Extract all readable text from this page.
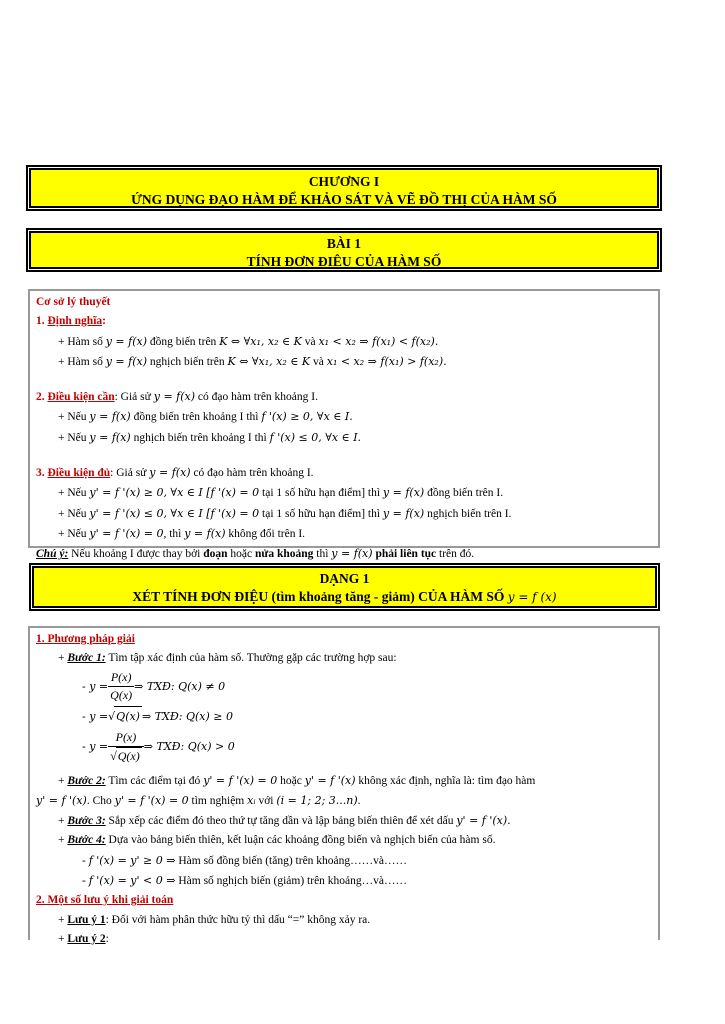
CHƯƠNG I
ỨNG DỤNG ĐẠO HÀM ĐỂ KHẢO SÁT VÀ VẼ ĐỒ THỊ CỦA HÀM SỐ
BÀI 1
TÍNH ĐƠN ĐIỆU CỦA HÀM SỐ
Cơ sở lý thuyết
1. Định nghĩa:
+ Hàm số y = f(x) đồng biến trên K ⇔ ∀x₁, x₂ ∈ K và x₁ < x₂ ⇒ f(x₁) < f(x₂).
+ Hàm số y = f(x) nghịch biến trên K ⇔ ∀x₁, x₂ ∈ K và x₁ < x₂ ⇒ f(x₁) > f(x₂).
2. Điều kiện cần: Giả sử y = f(x) có đạo hàm trên khoảng I.
+ Nếu y = f(x) đồng biến trên khoảng I thì f '(x) ≥ 0, ∀x ∈ I.
+ Nếu y = f(x) nghịch biến trên khoảng I thì f '(x) ≤ 0, ∀x ∈ I.
3. Điều kiện đủ: Giả sử y = f(x) có đạo hàm trên khoảng I.
+ Nếu y' = f '(x) ≥ 0, ∀x ∈ I [f '(x) = 0 tại 1 số hữu hạn điểm] thì y = f(x) đồng biến trên I.
+ Nếu y' = f '(x) ≤ 0, ∀x ∈ I [f '(x) = 0 tại 1 số hữu hạn điểm] thì y = f(x) nghịch biến trên I.
+ Nếu y' = f '(x) = 0, thì y = f(x) không đổi trên I.
Chú ý: Nếu khoảng I được thay bởi đoạn hoặc nửa khoảng thì y = f(x) phải liên tục trên đó.
DẠNG 1
XÉT TÍNH ĐƠN ĐIỆU (tìm khoảng tăng - giảm) CỦA HÀM SỐ y = f (x)
1. Phương pháp giải
+ Bước 1: Tìm tập xác định của hàm số. Thường gặp các trường hợp sau:
- $y = \frac{P(x)}{Q(x)}$ ⇒ TXĐ: Q(x) ≠ 0
- y = √ Q(x) ⇒ TXĐ: Q(x) ≥ 0
- $y = \frac{P(x)}{√Q(x)}$ ⇒ TXĐ: Q(x) > 0
+ Bước 2: Tìm các điểm tại đó y' = f '(x) = 0 hoặc y' = f '(x) không xác định, nghĩa là: tìm đạo hàm
y' = f '(x). Cho y' = f '(x) = 0 tìm nghiệm xᵢ với (i = 1; 2; 3...n).
+ Bước 3: Sắp xếp các điểm đó theo thứ tự tăng dần và lập bảng biến thiên để xét dấu y' = f '(x).
+ Bước 4: Dựa vào bảng biến thiên, kết luận các khoảng đồng biến và nghịch biến của hàm số.
- f '(x) = y' ≥ 0 ⇒ Hàm số đồng biến (tăng) trên khoảng……và……
- f '(x) = y' < 0 ⇒ Hàm số nghịch biến (giảm) trên khoảng…và……
2. Một số lưu ý khi giải toán
+ Lưu ý 1: Đối với hàm phân thức hữu tỷ thì dấu “=” không xảy ra.
+ Lưu ý 2:
